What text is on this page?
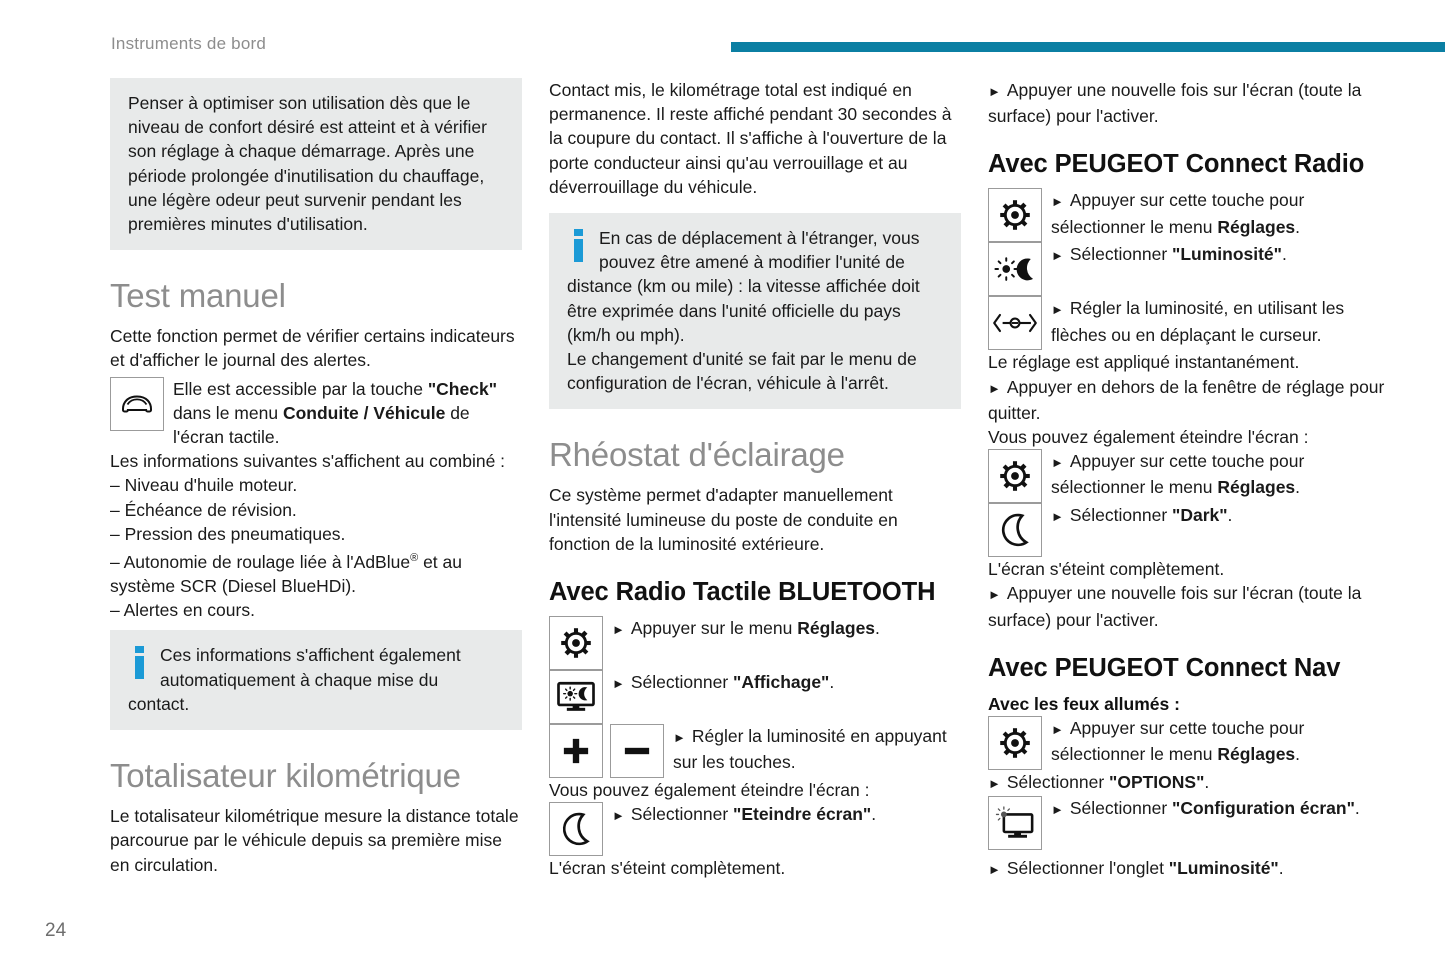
Instruments de bord

Penser à optimiser son utilisation dès que le niveau de confort désiré est atteint et à vérifier son réglage à chaque démarrage. Après une période prolongée d'inutilisation du chauffage, une légère odeur peut survenir pendant les premières minutes d'utilisation.

Test manuel

Cette fonction permet de vérifier certains indicateurs et d'afficher le journal des alertes.

Elle est accessible par la touche "Check" dans le menu Conduite / Véhicule de l'écran tactile.

Les informations suivantes s'affichent au combiné :

– Niveau d'huile moteur.
– Échéance de révision.
– Pression des pneumatiques.
– Autonomie de roulage liée à l'AdBlue® et au système SCR (Diesel BlueHDi).
– Alertes en cours.

Ces informations s'affichent également automatiquement à chaque mise du contact.

Totalisateur kilométrique

Le totalisateur kilométrique mesure la distance totale parcourue par le véhicule depuis sa première mise en circulation.

Contact mis, le kilométrage total est indiqué en permanence. Il reste affiché pendant 30 secondes à la coupure du contact. Il s'affiche à l'ouverture de la porte conducteur ainsi qu'au verrouillage et au déverrouillage du véhicule.

En cas de déplacement à l'étranger, vous pouvez être amené à modifier l'unité de distance (km ou mile) : la vitesse affichée doit être exprimée dans l'unité officielle du pays (km/h ou mph).

Le changement d'unité se fait par le menu de configuration de l'écran, véhicule à l'arrêt.

Rhéostat d'éclairage

Ce système permet d'adapter manuellement l'intensité lumineuse du poste de conduite en fonction de la luminosité extérieure.

Avec Radio Tactile BLUETOOTH
► Appuyer sur le menu Réglages.
► Sélectionner "Affichage".
► Régler la luminosité en appuyant sur les touches.
Vous pouvez également éteindre l'écran :
► Sélectionner "Eteindre écran".
L'écran s'éteint complètement.
► Appuyer une nouvelle fois sur l'écran (toute la surface) pour l'activer.
Avec PEUGEOT Connect Radio
► Appuyer sur cette touche pour sélectionner le menu Réglages.
► Sélectionner "Luminosité".
► Régler la luminosité, en utilisant les flèches ou en déplaçant le curseur.
Le réglage est appliqué instantanément.
► Appuyer en dehors de la fenêtre de réglage pour quitter.
Vous pouvez également éteindre l'écran :
► Appuyer sur cette touche pour sélectionner le menu Réglages.
► Sélectionner "Dark".
L'écran s'éteint complètement.
► Appuyer une nouvelle fois sur l'écran (toute la surface) pour l'activer.
Avec PEUGEOT Connect Nav
Avec les feux allumés :
► Appuyer sur cette touche pour sélectionner le menu Réglages.
► Sélectionner "OPTIONS".
► Sélectionner "Configuration écran".
► Sélectionner l'onglet "Luminosité".
24
